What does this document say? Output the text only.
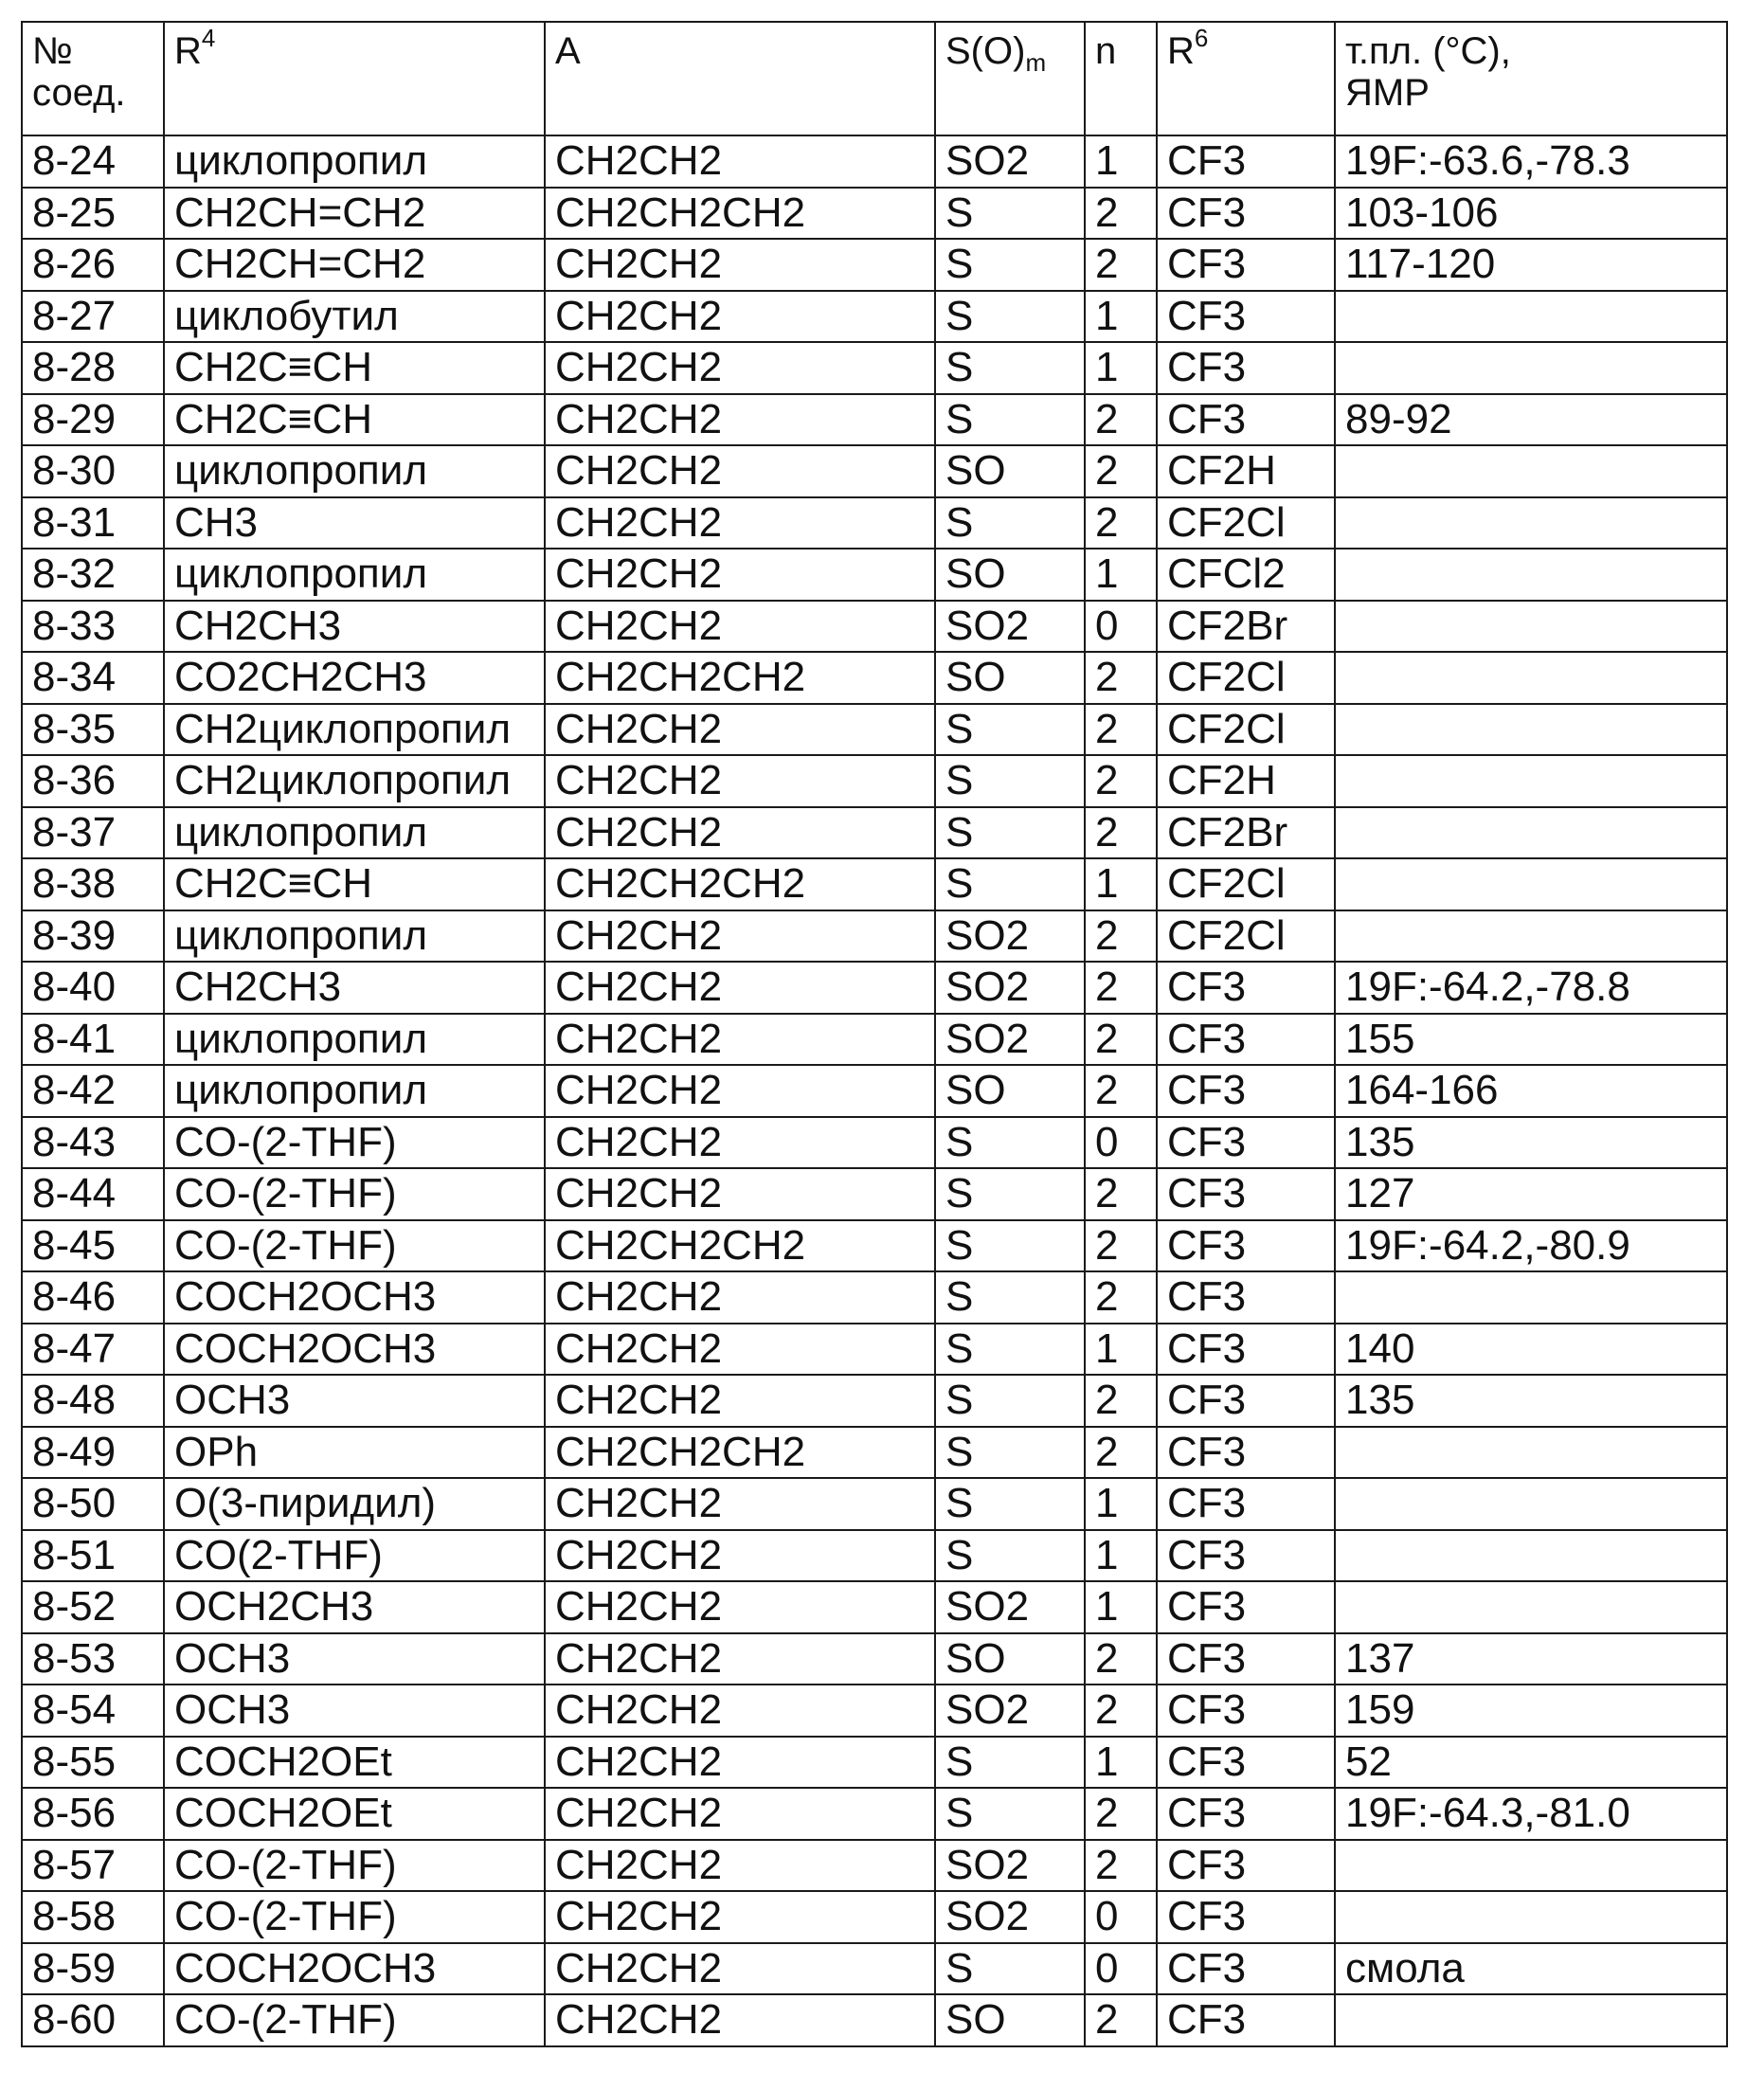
№
соед.
	R4	A	S(O)m	n	R6	т.пл. (°C),
ЯМР

8-24	циклопропил	CH2CH2	SO2	1	CF3	19F:-63.6,-78.3
8-25	CH2CH=CH2	CH2CH2CH2	S	2	CF3	103-106
8-26	CH2CH=CH2	CH2CH2	S	2	CF3	117-120
8-27	циклобутил	CH2CH2	S	1	CF3	
8-28	CH2C≡CH	CH2CH2	S	1	CF3	
8-29	CH2C≡CH	CH2CH2	S	2	CF3	89-92
8-30	циклопропил	CH2CH2	SO	2	CF2H	
8-31	CH3	CH2CH2	S	2	CF2Cl	
8-32	циклопропил	CH2CH2	SO	1	CFCl2	
8-33	CH2CH3	CH2CH2	SO2	0	CF2Br	
8-34	CO2CH2CH3	CH2CH2CH2	SO	2	CF2Cl	
8-35	CH2циклопропил	CH2CH2	S	2	CF2Cl	
8-36	CH2циклопропил	CH2CH2	S	2	CF2H	
8-37	циклопропил	CH2CH2	S	2	CF2Br	
8-38	CH2C≡CH	CH2CH2CH2	S	1	CF2Cl	
8-39	циклопропил	CH2CH2	SO2	2	CF2Cl	
8-40	CH2CH3	CH2CH2	SO2	2	CF3	19F:-64.2,-78.8
8-41	циклопропил	CH2CH2	SO2	2	CF3	155
8-42	циклопропил	CH2CH2	SO	2	CF3	164-166
8-43	CO-(2-THF)	CH2CH2	S	0	CF3	135
8-44	CO-(2-THF)	CH2CH2	S	2	CF3	127
8-45	CO-(2-THF)	CH2CH2CH2	S	2	CF3	19F:-64.2,-80.9
8-46	COCH2OCH3	CH2CH2	S	2	CF3	
8-47	COCH2OCH3	CH2CH2	S	1	CF3	140
8-48	OCH3	CH2CH2	S	2	CF3	135
8-49	OPh	CH2CH2CH2	S	2	CF3	
8-50	O(3-пиридил)	CH2CH2	S	1	CF3	
8-51	CO(2-THF)	CH2CH2	S	1	CF3	
8-52	OCH2CH3	CH2CH2	SO2	1	CF3	
8-53	OCH3	CH2CH2	SO	2	CF3	137
8-54	OCH3	CH2CH2	SO2	2	CF3	159
8-55	COCH2OEt	CH2CH2	S	1	CF3	52
8-56	COCH2OEt	CH2CH2	S	2	CF3	19F:-64.3,-81.0
8-57	CO-(2-THF)	CH2CH2	SO2	2	CF3	
8-58	CO-(2-THF)	CH2CH2	SO2	0	CF3	
8-59	COCH2OCH3	CH2CH2	S	0	CF3	смола
8-60	CO-(2-THF)	CH2CH2	SO	2	CF3	
